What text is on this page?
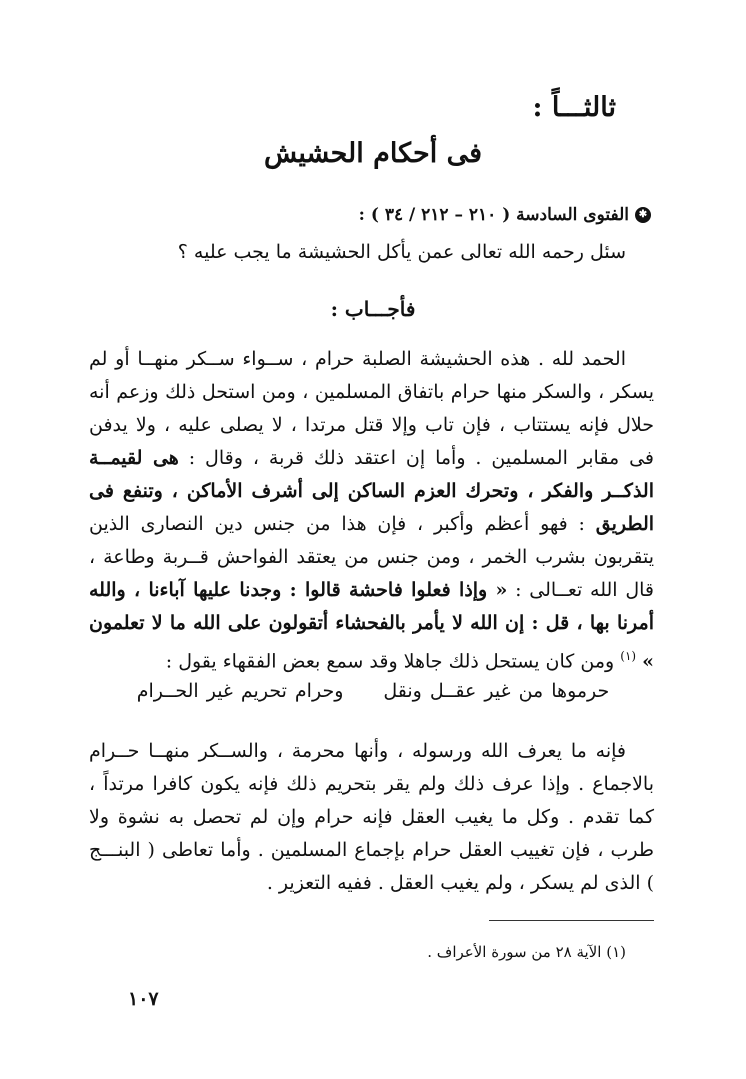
ثالثـــاً :
فى أحكام الحشيش
✱
الفتوى السادسة ( ٢١٠ – ٢١٢ / ٣٤ ) :
سئل رحمه الله تعالى عمن يأكل الحشيشة ما يجب عليه ؟
فأجـــاب :
الحمد لله . هذه الحشيشة الصلبة حرام ، ســواء ســكر منهــا أو لم يسكر ، والسكر منها حرام باتفاق المسلمين ، ومن استحل ذلك وزعم أنه حلال فإنه يستتاب ، فإن تاب وإلا قتل مرتدا ، لا يصلى عليه ، ولا يدفن فى مقابر المسلمين . وأما إن اعتقد ذلك قربة ، وقال : هى لقيمــة الذكــر والفكر ، وتحرك العزم الساكن إلى أشرف الأماكن ، وتنفع فى الطريق : فهو أعظم وأكبر ، فإن هذا من جنس دين النصارى الذين يتقربون بشرب الخمر ، ومن جنس من يعتقد الفواحش قــربة وطاعة ، قال الله تعــالى : « وإذا فعلوا فاحشة قالوا : وجدنا عليها آباءنا ، والله أمرنا بها ، قل : إن الله لا يأمر بالفحشاء أتقولون على الله ما لا تعلمون » $^{(١)}$ ومن كان يستحل ذلك جاهلا وقد سمع بعض الفقهاء يقول :
حرموها من غير عقــل ونقلوحرام تحريم غير الحــرام
فإنه ما يعرف الله ورسوله ، وأنها محرمة ، والســكر منهــا حــرام بالاجماع . وإذا عرف ذلك ولم يقر بتحريم ذلك فإنه يكون كافرا مرتداً ، كما تقدم . وكل ما يغيب العقل فإنه حرام وإن لم تحصل به نشوة ولا طرب ، فإن تغييب العقل حرام بإجماع المسلمين . وأما تعاطى ( البنـــج ) الذى لم يسكر ، ولم يغيب العقل . ففيه التعزير .
(١) الآية ٢٨ من سورة الأعراف .
١٠٧
